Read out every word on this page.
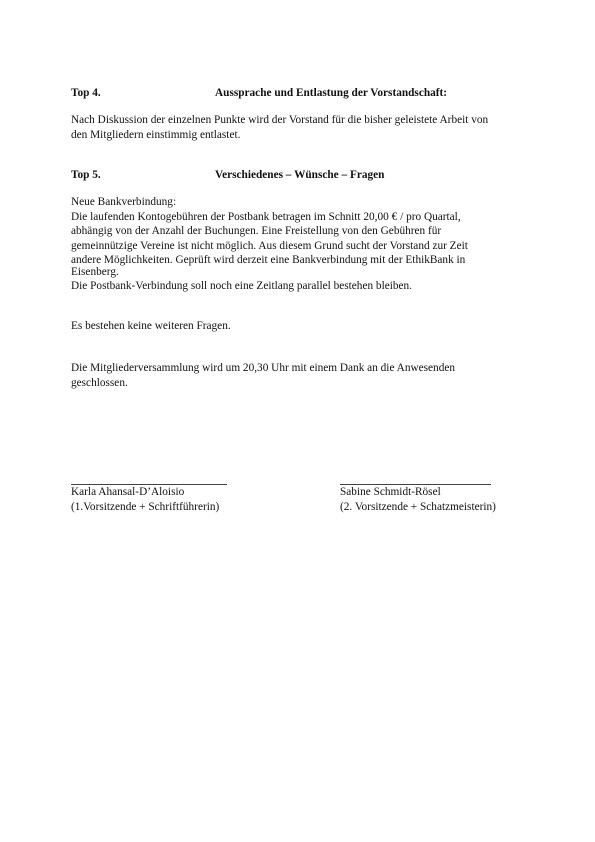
Top 4.	Aussprache und Entlastung der Vorstandschaft:
Nach Diskussion der einzelnen Punkte wird der Vorstand für die bisher geleistete Arbeit von
den Mitgliedern einstimmig entlastet.
Top 5.	Verschiedenes – Wünsche – Fragen
Neue Bankverbindung:
Die laufenden Kontogebühren der Postbank betragen im Schnitt 20,00 € / pro Quartal,
abhängig von der Anzahl der Buchungen. Eine Freistellung von den Gebühren für
gemeinnützige Vereine ist nicht möglich. Aus diesem Grund sucht der Vorstand zur Zeit
andere Möglichkeiten. Geprüft wird derzeit eine Bankverbindung mit der EthikBank in
Eisenberg.
Die Postbank-Verbindung soll noch eine Zeitlang parallel bestehen bleiben.
Es bestehen keine weiteren Fragen.
Die Mitgliederversammlung wird um 20,30 Uhr mit einem Dank an die Anwesenden
geschlossen.
Karla Ahansal-D’Aloisio
(1.Vorsitzende + Schriftführerin)
Sabine Schmidt-Rösel
(2. Vorsitzende + Schatzmeisterin)
